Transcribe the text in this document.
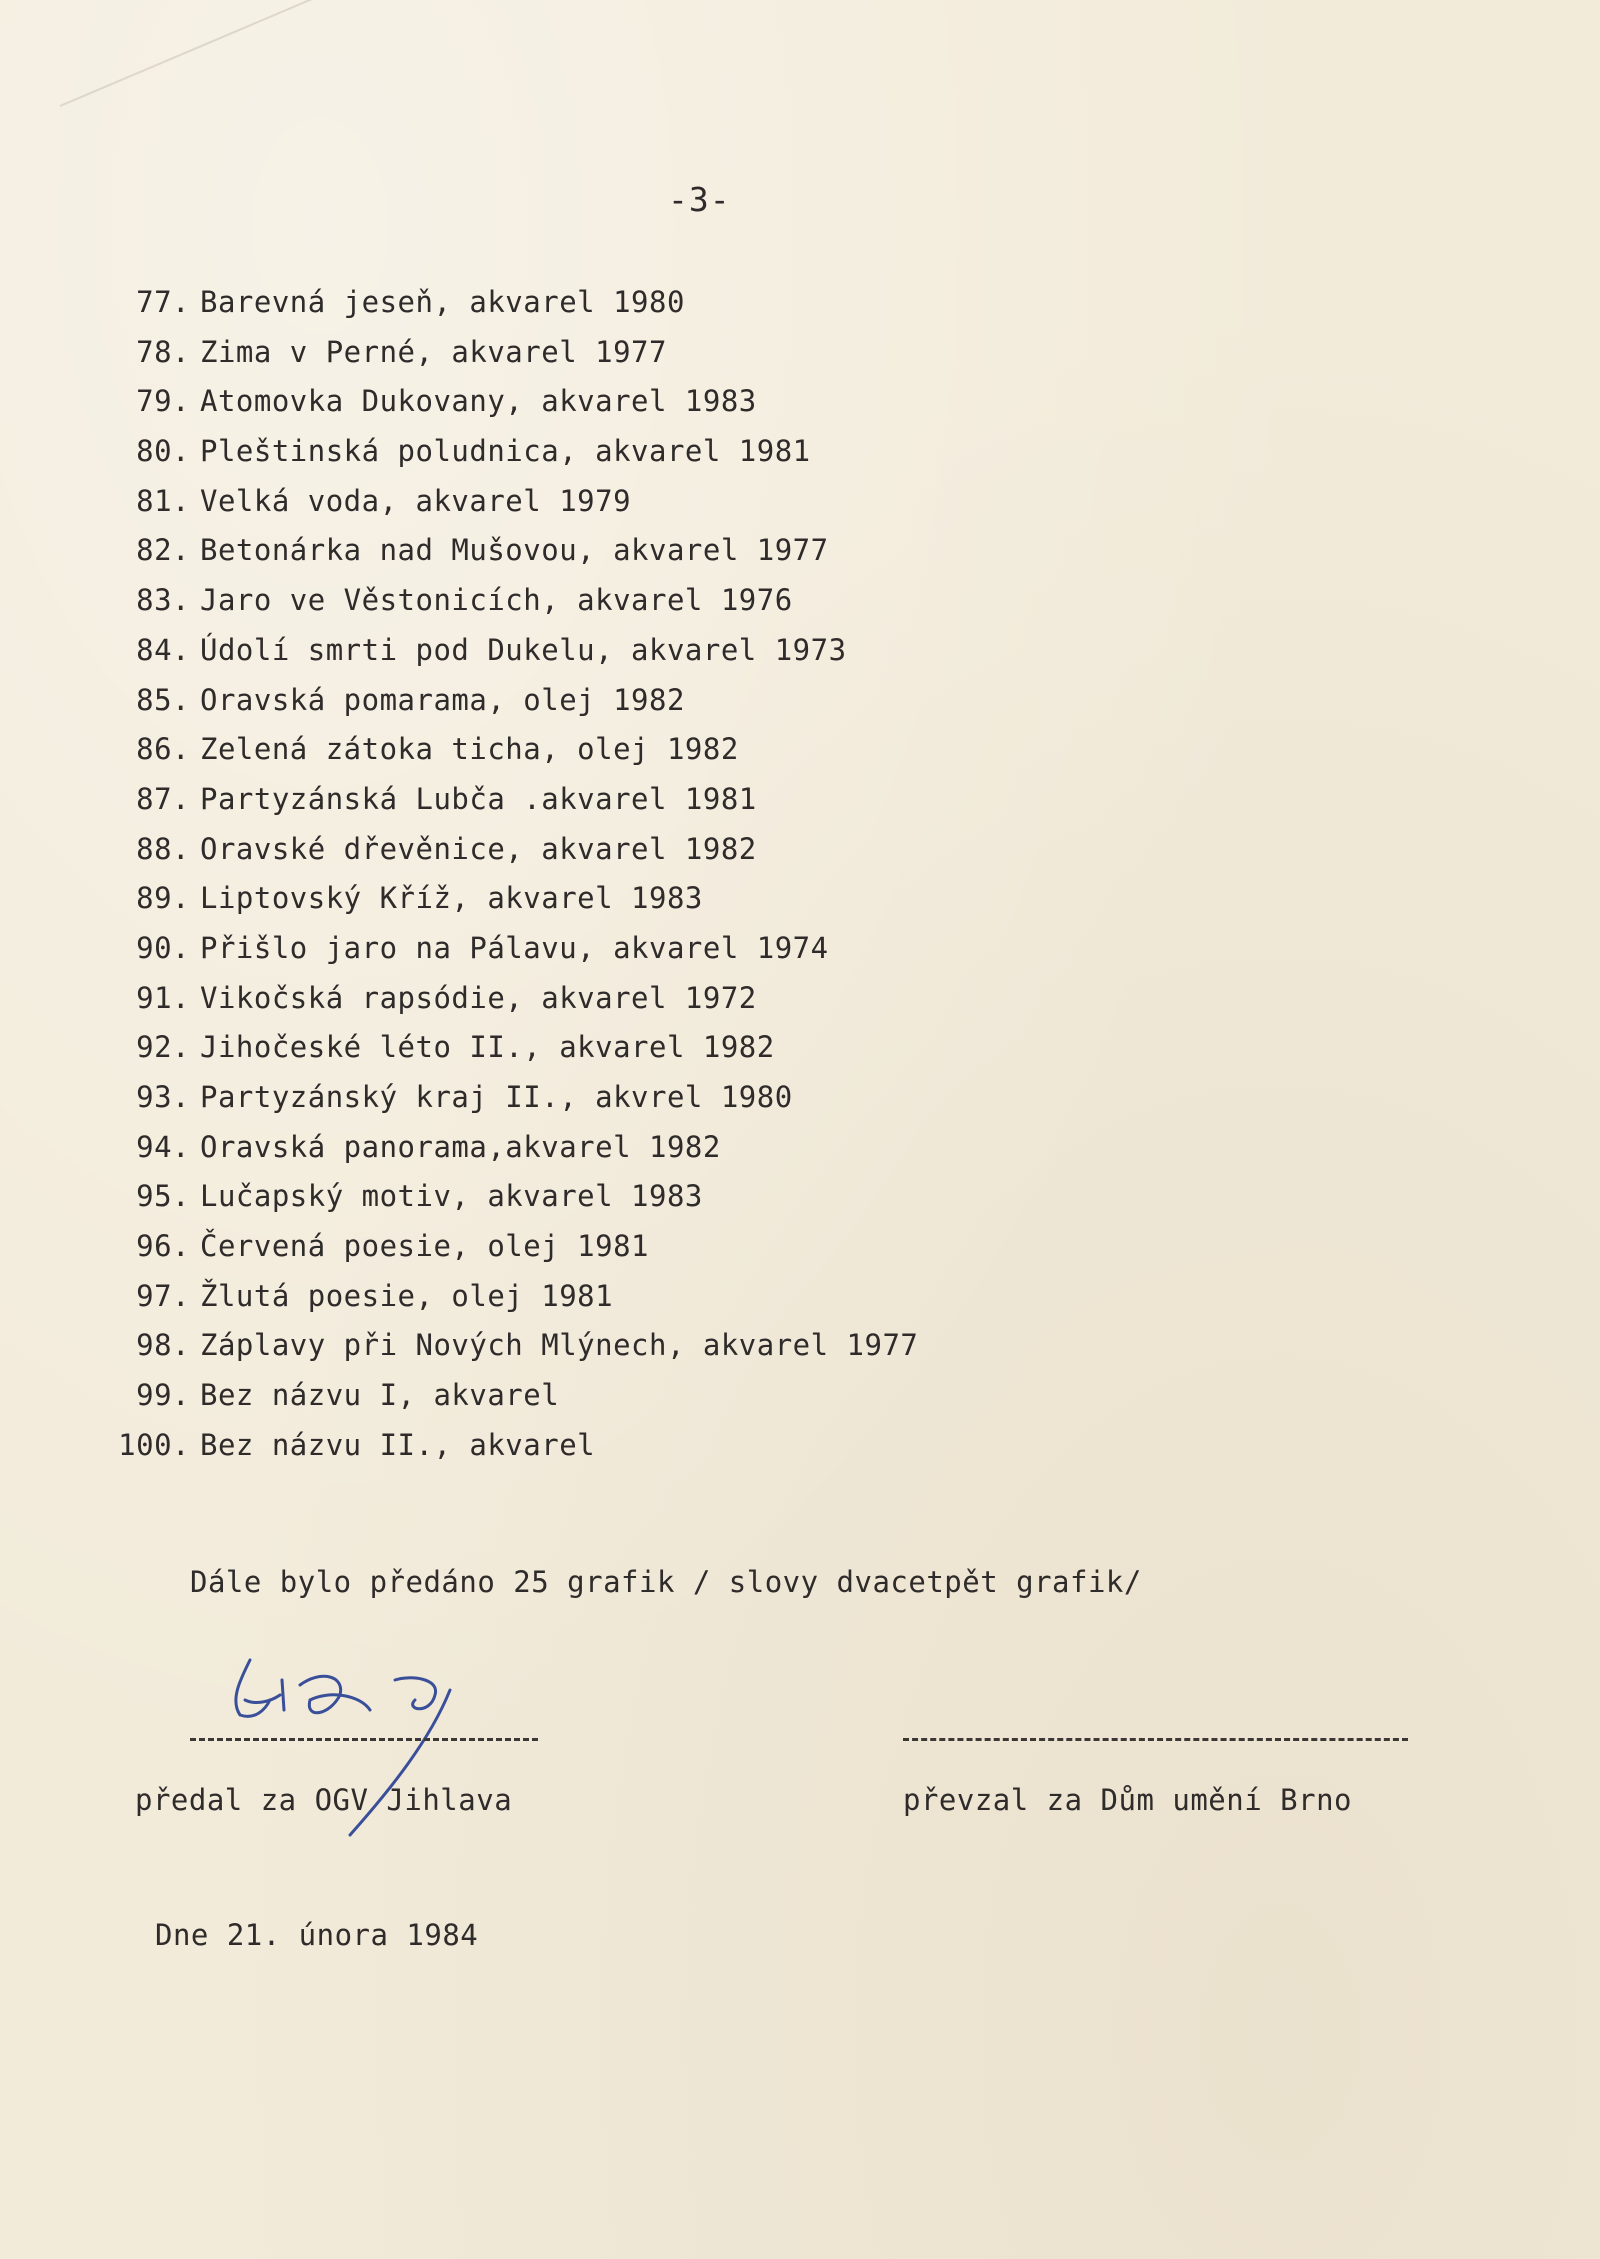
-3-
77. Barevná jeseň, akvarel 1980
78. Zima v Perné, akvarel 1977
79. Atomovka Dukovany, akvarel 1983
80. Pleštinská poludnica, akvarel 1981
81. Velká voda, akvarel 1979
82. Betonárka nad Mušovou, akvarel 1977
83. Jaro ve Věstonicích, akvarel 1976
84. Údolí smrti pod Dukelu, akvarel 1973
85. Oravská pomarama, olej 1982
86. Zelená zátoka ticha, olej 1982
87. Partyzánská Lubča .akvarel 1981
88. Oravské dřevěnice, akvarel 1982
89. Liptovský Kříž, akvarel 1983
90. Přišlo jaro na Pálavu, akvarel 1974
91. Vikočská rapsódie, akvarel 1972
92. Jihočeské léto II., akvarel 1982
93. Partyzánský kraj II., akvrel 1980
94. Oravská panorama,akvarel 1982
95. Lučapský motiv, akvarel 1983
96. Červená poesie, olej 1981
97. Žlutá poesie, olej 1981
98. Záplavy při Nových Mlýnech, akvarel 1977
99. Bez názvu I, akvarel
100. Bez názvu II., akvarel
Dále bylo předáno 25 grafik / slovy dvacetpět grafik/
předal za OGV Jihlava	převzal za Dům umění Brno
Dne 21. února 1984
